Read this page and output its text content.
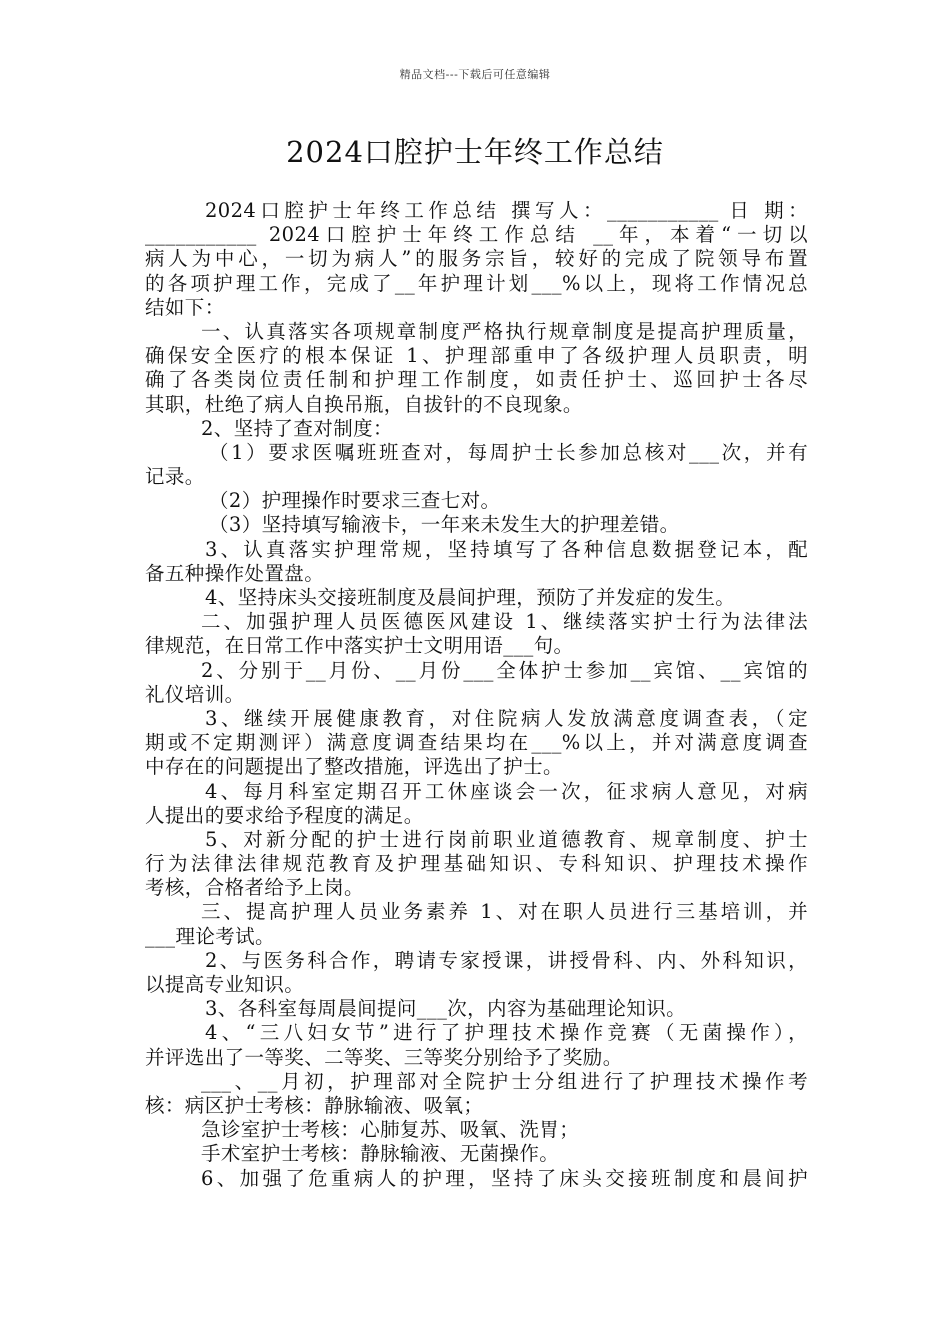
精品文档---下载后可任意编辑
2024口腔护士年终工作总结
2024口腔护士年终工作总结 撰写人：___________ 日 期：
___________ 2024口腔护士年终工作总结 __年，本着“一切以
病人为中心，一切为病人”的服务宗旨，较好的完成了院领导布置
的各项护理工作，完成了__年护理计划___%以上，现将工作情况总
结如下：
一、认真落实各项规章制度严格执行规章制度是提高护理质量，
确保安全医疗的根本保证 1、护理部重申了各级护理人员职责，明
确了各类岗位责任制和护理工作制度，如责任护士、巡回护士各尽
其职，杜绝了病人自换吊瓶，自拔针的不良现象。
2、坚持了查对制度：
（1）要求医嘱班班查对，每周护士长参加总核对___次，并有
记录。
（2）护理操作时要求三查七对。
（3）坚持填写输液卡，一年来未发生大的护理差错。
3、认真落实护理常规，坚持填写了各种信息数据登记本，配
备五种操作处置盘。
4、坚持床头交接班制度及晨间护理，预防了并发症的发生。
二、加强护理人员医德医风建设 1、继续落实护士行为法律法
律规范，在日常工作中落实护士文明用语___句。
2、分别于__月份、__月份___全体护士参加__宾馆、__宾馆的
礼仪培训。
3、继续开展健康教育，对住院病人发放满意度调查表，（定
期或不定期测评）满意度调查结果均在___%以上，并对满意度调查
中存在的问题提出了整改措施，评选出了护士。
4、每月科室定期召开工休座谈会一次，征求病人意见，对病
人提出的要求给予程度的满足。
5、对新分配的护士进行岗前职业道德教育、规章制度、护士
行为法律法律规范教育及护理基础知识、专科知识、护理技术操作
考核，合格者给予上岗。
三、提高护理人员业务素养 1、对在职人员进行三基培训，并
___理论考试。
2、与医务科合作，聘请专家授课，讲授骨科、内、外科知识，
以提高专业知识。
3、各科室每周晨间提问___次，内容为基础理论知识。
4、“三八妇女节”进行了护理技术操作竞赛（无菌操作），
并评选出了一等奖、二等奖、三等奖分别给予了奖励。
___、__月初，护理部对全院护士分组进行了护理技术操作考
核：病区护士考核：静脉输液、吸氧；
急诊室护士考核：心肺复苏、吸氧、洗胃；
手术室护士考核：静脉输液、无菌操作。
6、加强了危重病人的护理，坚持了床头交接班制度和晨间护
